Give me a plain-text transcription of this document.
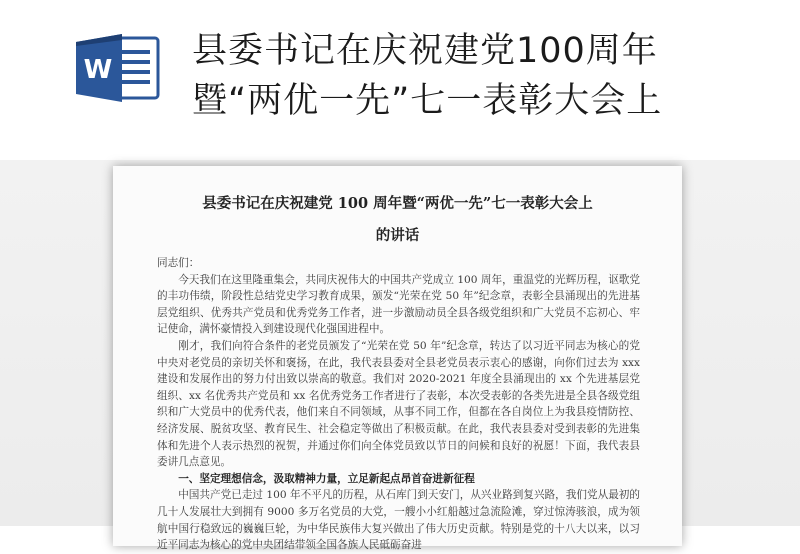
W 县委书记在庆祝建党100周年
暨“两优一先”七一表彰大会上
县委书记在庆祝建党 100 周年暨“两优一先”七一表彰大会上
的讲话

同志们：

今天我们在这里隆重集会，共同庆祝伟大的中国共产党成立 100 周年，重温党的光辉历程，讴歌党的丰功伟绩，阶段性总结党史学习教育成果，颁发“光荣在党 50 年”纪念章，表彰全县涌现出的先进基层党组织、优秀共产党员和优秀党务工作者，进一步激励动员全县各级党组织和广大党员不忘初心、牢记使命，满怀豪情投入到建设现代化强国进程中。

刚才，我们向符合条件的老党员颁发了“光荣在党 50 年”纪念章，转达了以习近平同志为核心的党中央对老党员的亲切关怀和褒扬，在此，我代表县委对全县老党员表示衷心的感谢，向你们过去为 xxx 建设和发展作出的努力付出致以崇高的敬意。我们对 2020-2021 年度全县涌现出的 xx 个先进基层党组织、xx 名优秀共产党员和 xx 名优秀党务工作者进行了表彰，本次受表彰的各类先进是全县各级党组织和广大党员中的优秀代表，他们来自不同领域，从事不同工作，但都在各自岗位上为我县疫情防控、经济发展、脱贫攻坚、教育民生、社会稳定等做出了积极贡献。在此，我代表县委对受到表彰的先进集体和先进个人表示热烈的祝贺，并通过你们向全体党员致以节日的问候和良好的祝愿！下面，我代表县委讲几点意见。

一、坚定理想信念，汲取精神力量，立足新起点昂首奋进新征程

中国共产党已走过 100 年不平凡的历程，从石库门到天安门，从兴业路到复兴路，我们党从最初的几十人发展壮大到拥有 9000 多万名党员的大党，一艘小小红船越过急流险滩，穿过惊涛骇浪，成为领航中国行稳致远的巍巍巨轮，为中华民族伟大复兴做出了伟大历史贡献。特别是党的十八大以来，以习近平同志为核心的党中央团结带领全国各族人民砥砺奋进
